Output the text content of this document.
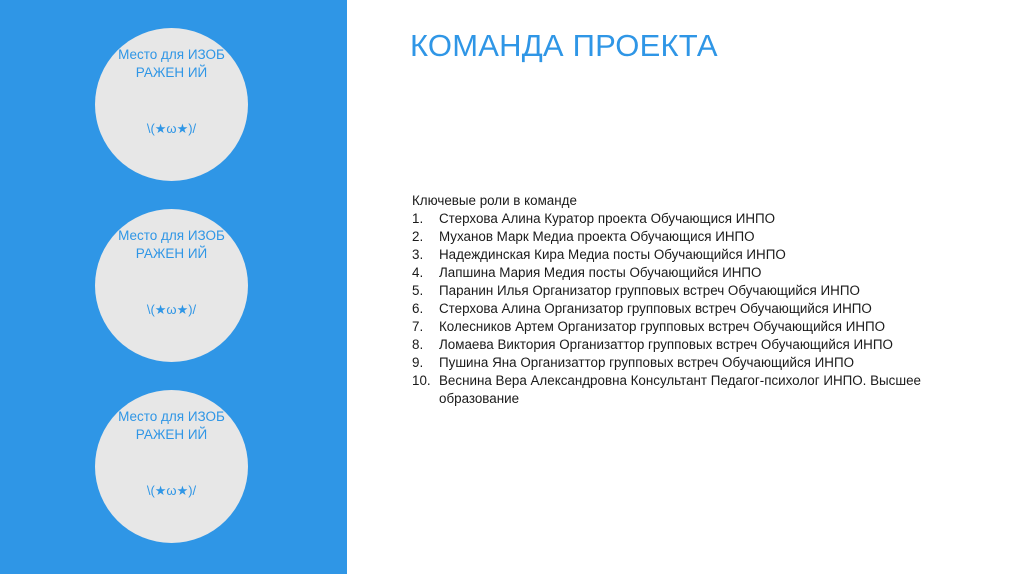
Место для ИЗОБРАЖЕН ИЙ
\(★ω★)/
Место для ИЗОБРАЖЕН ИЙ
\(★ω★)/
Место для ИЗОБРАЖЕН ИЙ
\(★ω★)/
КОМАНДА ПРОЕКТА

Ключевые роли в команде

1.	Стерхова Алина Куратор проекта Обучающися ИНПО
2.	Муханов Марк Медиа проекта Обучающися ИНПО
3.	Надеждинская Кира Медиа посты Обучающийся ИНПО
4.	Лапшина Мария Медия посты Обучающийся ИНПО
5.	Паранин Илья Организатор групповых встреч Обучающийся ИНПО
6.	Стерхова Алина Организатор групповых встреч Обучающийся ИНПО
7.	Колесников Артем Организатор групповых встреч Обучающийся ИНПО
8.	Ломаева Виктория Организаттор групповых встреч Обучающийся ИНПО
9.	Пушина Яна Организаттор групповых встреч Обучающийся ИНПО
10. Веснина Вера Александровна Консультант Педагог-психолог ИНПО. Высшее образование
